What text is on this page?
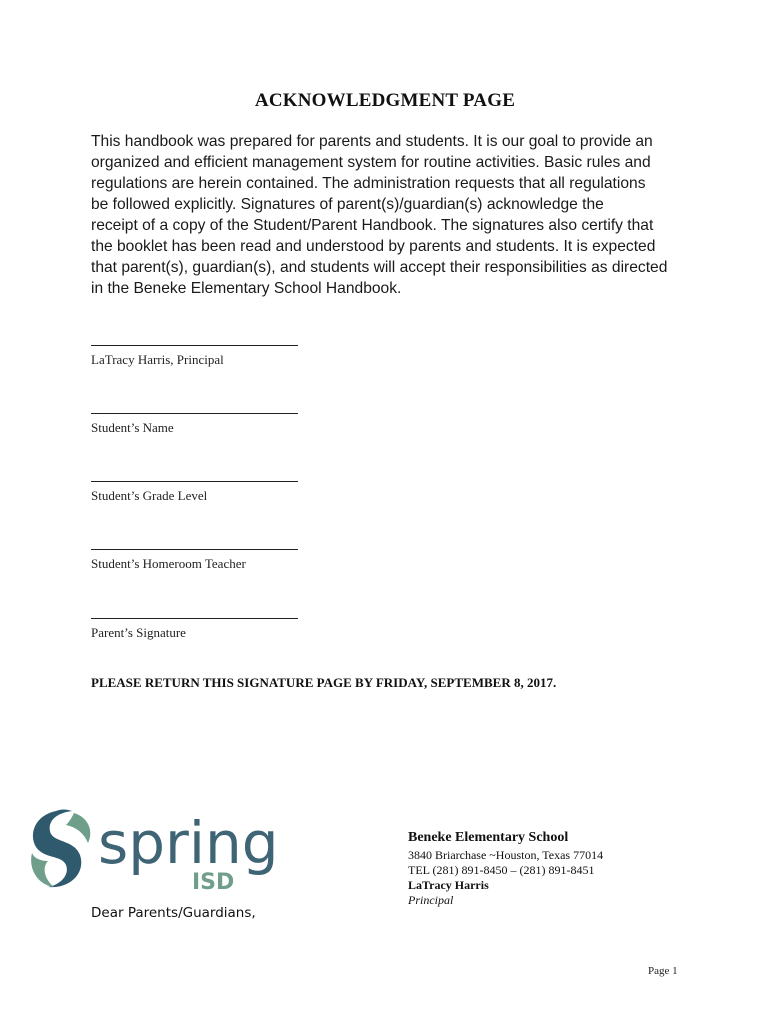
ACKNOWLEDGMENT PAGE
This handbook was prepared for parents and students. It is our goal to provide an
organized and efficient management system for routine activities. Basic rules and
regulations are herein contained. The administration requests that all regulations
be followed explicitly. Signatures of parent(s)/guardian(s) acknowledge the
receipt of a copy of the Student/Parent Handbook. The signatures also certify that
the booklet has been read and understood by parents and students. It is expected
that parent(s), guardian(s), and students will accept their responsibilities as directed
in the Beneke Elementary School Handbook.
LaTracy Harris, Principal
Student’s Name
Student’s Grade Level
Student’s Homeroom Teacher
Parent’s Signature
PLEASE RETURN THIS SIGNATURE PAGE BY FRIDAY, SEPTEMBER 8, 2017.
spring
ISD
Dear Parents/Guardians,
Beneke Elementary School
3840 Briarchase ~Houston, Texas 77014
TEL (281) 891-8450 – (281) 891-8451
LaTracy Harris
Principal
Page 1
